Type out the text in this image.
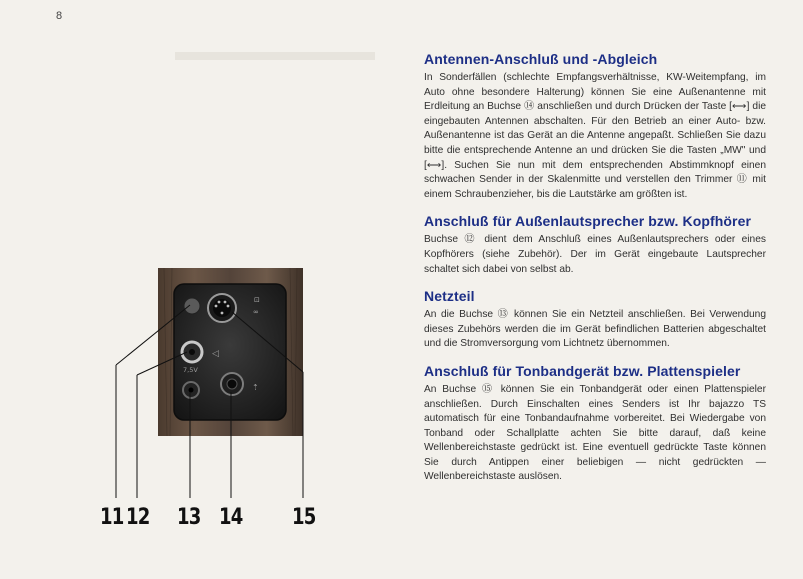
8
⊡
∞
◁
7,5V
⇡
11 12 13 14 15
Antennen-Anschluß und -Abgleich

In Sonderfällen (schlechte Empfangsverhältnisse, KW-Weitempfang, im Auto ohne besondere Halterung) können Sie eine Außenantenne mit Erdleitung an Buchse ⑭ anschließen und durch Drücken der Taste [⟷] die eingebauten Antennen abschalten. Für den Betrieb an einer Auto- bzw. Außenantenne ist das Gerät an die Antenne angepaßt. Schließen Sie dazu bitte die entsprechende Antenne an und drücken Sie die Tasten „MW" und [⟷]. Suchen Sie nun mit dem entsprechenden Abstimmknopf einen schwachen Sender in der Skalenmitte und verstellen den Trimmer ⑪ mit einem Schraubenzieher, bis die Lautstärke am größten ist.

Anschluß für Außenlautsprecher bzw. Kopfhörer

Buchse ⑫ dient dem Anschluß eines Außenlautsprechers oder eines Kopfhörers (siehe Zubehör). Der im Gerät eingebaute Lautsprecher schaltet sich dabei von selbst ab.

Netzteil

An die Buchse ⑬ können Sie ein Netzteil anschließen. Bei Verwendung dieses Zubehörs werden die im Gerät befindlichen Batterien abgeschaltet und die Stromversorgung vom Lichtnetz übernommen.

Anschluß für Tonbandgerät bzw. Plattenspieler

An Buchse ⑮ können Sie ein Tonbandgerät oder einen Plattenspieler anschließen. Durch Einschalten eines Senders ist Ihr bajazzo TS automatisch für eine Tonbandaufnahme vorbereitet. Bei Wiedergabe von Tonband oder Schallplatte achten Sie bitte darauf, daß keine Wellenbereichstaste gedrückt ist. Eine eventuell gedrückte Taste können Sie durch Antippen einer beliebigen — nicht gedrückten — Wellenbereichstaste auslösen.
